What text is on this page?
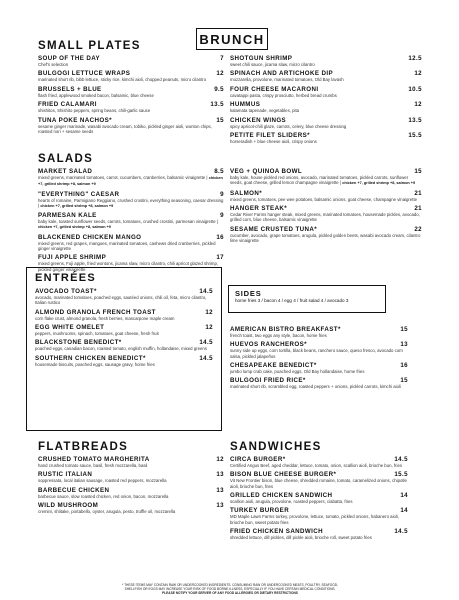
BRUNCH
SMALL PLATES
SOUP OF THE DAY	7
Chef's selection
BULGOGI LETTUCE WRAPS	12
marinated short rib, bibb lettuce, sticky rice, kimchi aioli, chopped peanuts, micro cilantro
BRUSSELS + BLUE	9.5
flash fried, applewood smoked bacon, balsamic, blue cheese
FRIED CALAMARI	13.5
shishitos, Shishito peppers, spring beans, chili-garlic sauce
TUNA POKE NACHOS*	15
sesame ginger marinade, wasabi avocado cream, tobiko, pickled ginger aioli, wonton chips, roasted nori + sesame seeds
SHOTGUN SHRIMP	12.5
sweet chili sauce, jicama slaw, micro cilantro
SPINACH AND ARTICHOKE DIP	12
mozzarella, provolone, marinated tomatoes, Old Bay lavash
FOUR CHEESE MACARONI	10.5
cavatappi pasta, crispy prosciutto, herbed bread crumbs
HUMMUS	12
kalamata tapenade, vegetables, pita
CHICKEN WINGS	13.5
spicy apricot-chili glaze, carrots, celery, blue cheese dressing
PETITE FILET SLIDERS*	15.5
horseradish + blue cheese aioli, crispy onions
SALADS
MARKET SALAD	8.5
mixed greens, marinated tomatoes, carrot, cucumbers, cranberries, balsamic vinaigrette | chicken +7, grilled shrimp +8, salmon +9
"EVERYTHING" CAESAR	9
hearts of romaine, Parmigiano Reggiano, crushed crostini, everything seasoning, caesar dressing | chicken +7, grilled shrimp +8, salmon +9
PARMESAN KALE	9
baby kale, toasted sunflower seeds, carrots, tomatoes, crushed crostini, parmesan vinaigrette | chicken +7, grilled shrimp +8, salmon +9
BLACKENED CHICKEN MANGO	16
mixed greens, red grapes, mangoes, marinated tomatoes, cashews dried cranberries, pickled ginger vinaigrette
FUJI APPLE SHRIMP	17
mixed greens, Fuji apple, fried wontons, jicama slaw, micro cilantro, chili apricot glazed shrimp, pickled ginger vinaigrette
VEG + QUINOA BOWL	15
baby kale, house pickled red onions, avocado, marinated tomatoes, pickled carrots, sunflower seeds, goat cheese, grilled lemon champagne vinaigrette | chicken +7, grilled shrimp +8, salmon +9
SALMON*	21
mixed greens, tomatoes, pee wee potatoes, balsamic onions, goat cheese, champagne vinaigrette
HANGER STEAK*	21
Cedar River Farms hanger steak, mixed greens, marinated tomatoes, housemade pickles, avocado, grilled corn, blue cheese, balsamic vinaigrette
SESAME CRUSTED TUNA*	22
cucumber, avocado, grape tomatoes, arugula, pickled golden beets, wasabi avocado cream, cilantro lime vinaigrette
ENTRÉES
AVOCADO TOAST*	14.5
avocado, marinated tomatoes, poached eggs, sautéed onions, chili oil, feta, micro cilantro, Italian rustico
ALMOND GRANOLA FRENCH TOAST	12
corn flake crust, almond granola, fresh berries, mascarpone maple cream
EGG WHITE OMELET	12
peppers, mushrooms, spinach, tomatoes, goat cheese, fresh fruit
BLACKSTONE BENEDICT*	14.5
poached eggs, canadian bacon, roasted tomato, english muffin, hollandaise, mixed greens
SOUTHERN CHICKEN BENEDICT*	14.5
housemade biscuits, poached eggs, sausage gravy, home fries
SIDES
home fries 3 / bacon 4 / egg 4 / fruit salad 4 / avocado 3
AMERICAN BISTRO BREAKFAST*	15
french toast, two eggs any style, bacon, home fries
HUEVOS RANCHEROS*	13
sunny side up eggs, corn tortilla, black beans, ranchero sauce, queso fresco, avocado corn salsa, pickled jalapeños
CHESAPEAKE BENEDICT*	16
jumbo lump crab cake, poached eggs, Old Bay hollandaise, home fries
BULGOGI FRIED RICE*	15
marinated short rib, scrambled egg, roasted peppers + onions, pickled carrots, kimchi aioli
FLATBREADS
CRUSHED TOMATO MARGHERITA	12
hand crushed tomato sauce, basil, fresh mozzarella, basil
RUSTIC ITALIAN	13
soppressata, local italian sausage, roasted red peppers, mozzarella
BARBECUE CHICKEN	13
barbecue sauce, slow roasted chicken, red onion, bacon, mozzarella
WILD MUSHROOM	13
cremini, shiitake, portabello, oyster, arugula, pesto, truffle oil, mozzarella
SANDWICHES
CIRCA BURGER*	14.5
Certified Angus Beef, aged cheddar, lettuce, tomato, onion, scallion aioli, brioche bun, fries
BISON BLUE CHEESE BURGER*	15.5
Vit New Frontier bison, blue cheese, shredded romaine, tomato, caramelized onions, chipotle aioli, brioche bun, fries
GRILLED CHICKEN SANDWICH	14
scallion aioli, arugula, provolone, roasted peppers, ciabatta, fries
TURKEY BURGER	14
MD Maple Lawn Farms turkey, provolone, lettuce, tomato, pickled onions, habanero aioli, brioche bun, sweet potato fries
FRIED CHICKEN SANDWICH	14.5
shredded lettuce, dill pickles, dill pickle aioli, brioche roll, sweet potato fries
* THESE ITEMS MAY CONTAIN RAW OR UNDERCOOKED INGREDIENTS. CONSUMING RAW OR UNDERCOOKED MEATS, POULTRY, SEAFOOD,
SHELLFISH OR EGGS MAY INCREASE YOUR RISK OF FOOD BORNE ILLNESS, ESPECIALLY IF YOU HAVE CERTAIN MEDICAL CONDITIONS.
PLEASE NOTIFY YOUR SERVER OF ANY FOOD ALLERGIES OR DIETARY RESTRICTIONS
